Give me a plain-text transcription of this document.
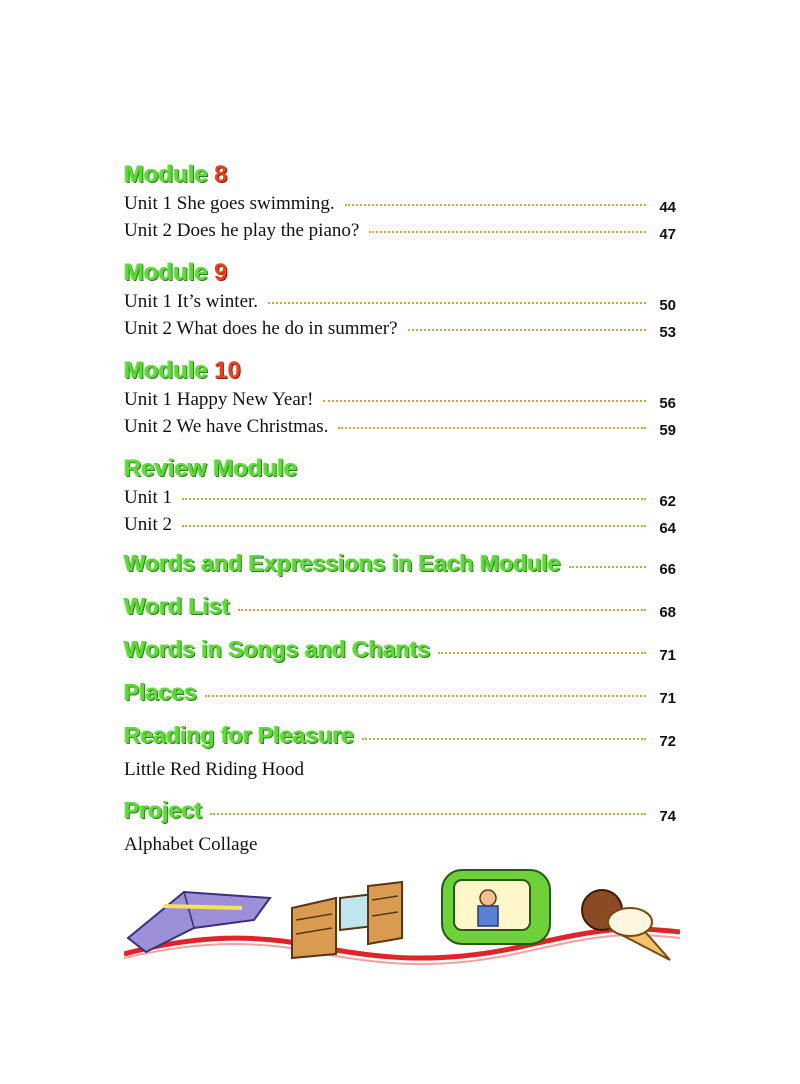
Module 8
Unit 1 She goes swimming.	44
Unit 2 Does he play the piano?	47
Module 9
Unit 1 It’s winter.	50
Unit 2 What does he do in summer?	53
Module 10
Unit 1 Happy New Year!	56
Unit 2 We have Christmas.	59
Review Module
Unit 1	62
Unit 2	64
Words and Expressions in Each Module	66
Word List	68
Words in Songs and Chants	71
Places	71
Reading for Pleasure	72
Little Red Riding Hood
Project	74
Alphabet Collage
